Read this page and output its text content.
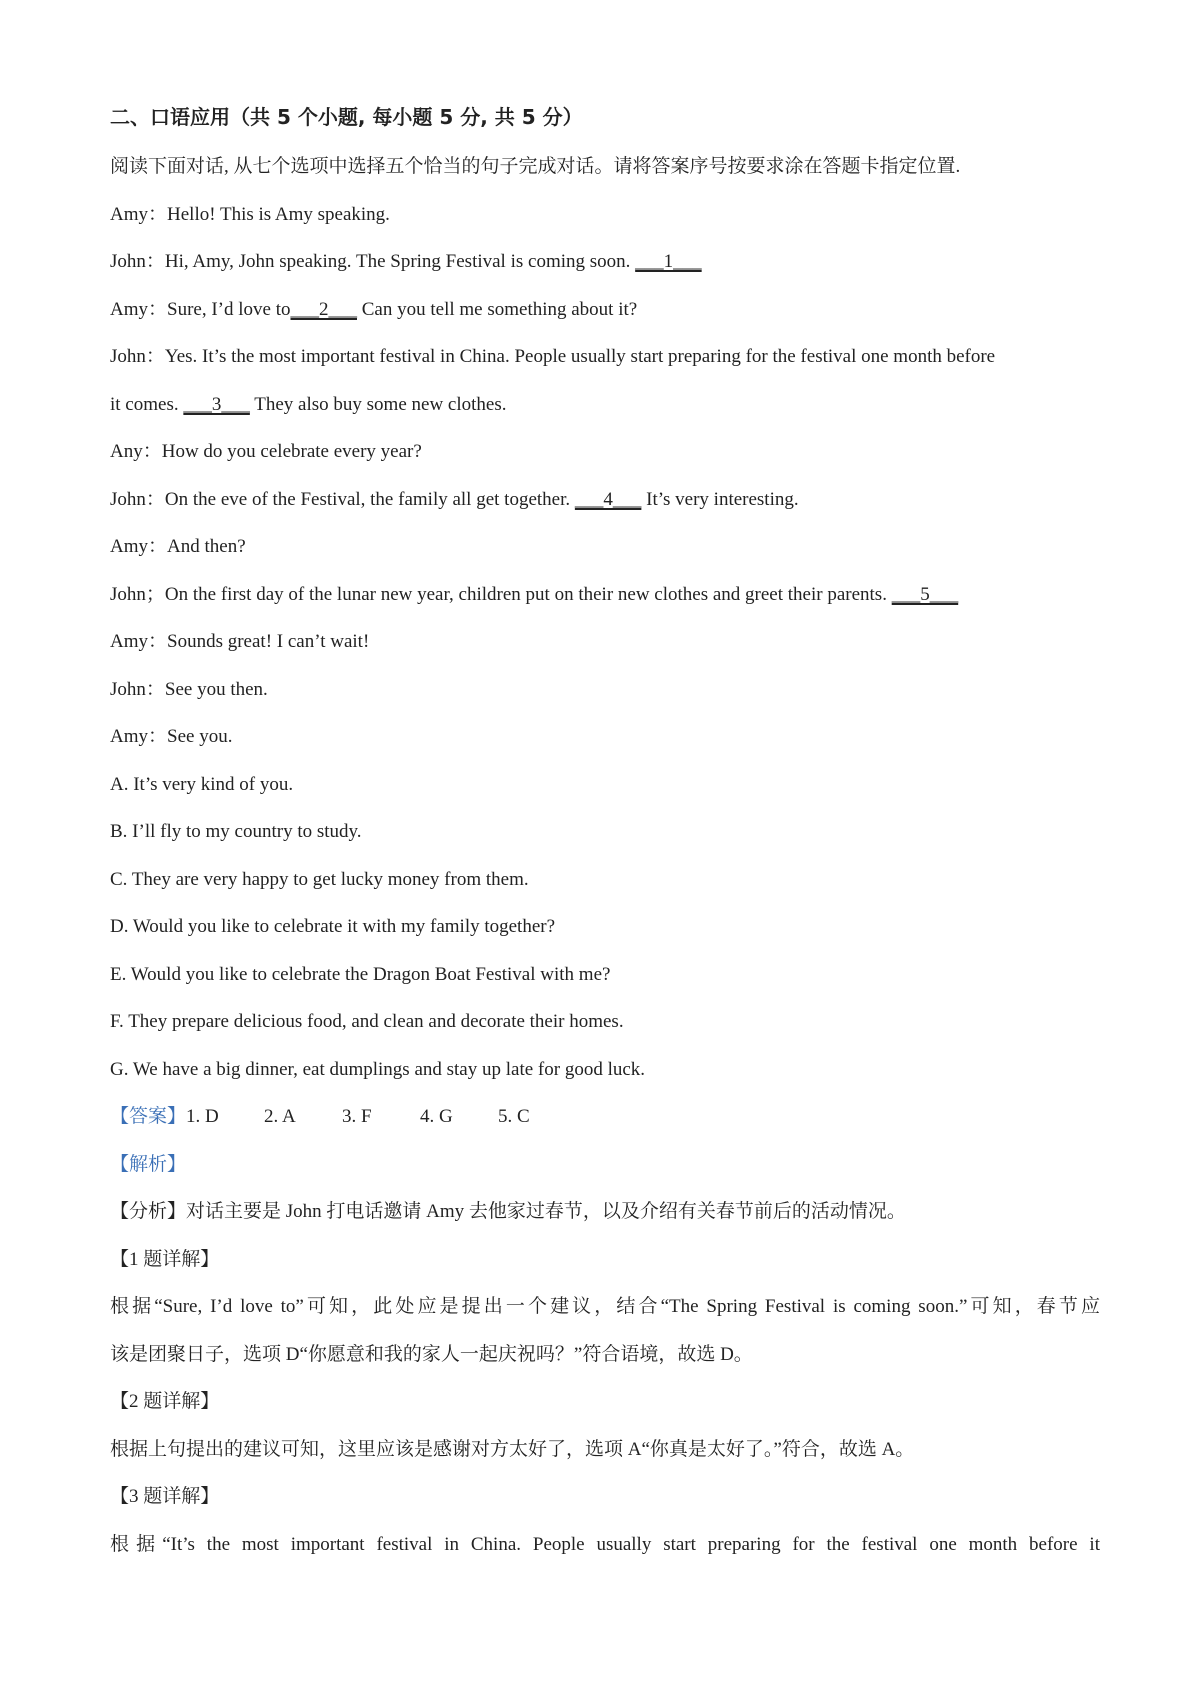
二、口语应用（共 5 个小题, 每小题 5 分, 共 5 分）
阅读下面对话, 从七个选项中选择五个恰当的句子完成对话。请将答案序号按要求涂在答题卡指定位置.
Amy：Hello! This is Amy speaking.
John：Hi, Amy, John speaking. The Spring Festival is coming soon. ___1___
Amy：Sure, I’d love to___2___ Can you tell me something about it?
John：Yes. It’s the most important festival in China. People usually start preparing for the festival one month before
it comes. ___3___ They also buy some new clothes.
Any：How do you celebrate every year?
John：On the eve of the Festival, the family all get together. ___4___ It’s very interesting.
Amy：And then?
John；On the first day of the lunar new year, children put on their new clothes and greet their parents. ___5___
Amy：Sounds great! I can’t wait!
John：See you then.
Amy：See you.
A. It’s very kind of you.
B. I’ll fly to my country to study.
C. They are very happy to get lucky money from them.
D. Would you like to celebrate it with my family together?
E. Would you like to celebrate the Dragon Boat Festival with me?
F. They prepare delicious food, and clean and decorate their homes.
G. We have a big dinner, eat dumplings and stay up late for good luck.
【答案】1. D 2. A 3. F	4. G 5. C
【解析】
【分析】对话主要是 John 打电话邀请 Amy 去他家过春节，以及介绍有关春节前后的活动情况。
【1 题详解】
根据“Sure, I’d love to”可知，此处应是提出一个建议，结合“The Spring Festival is coming soon.”可知，春节应
该是团聚日子，选项 D“你愿意和我的家人一起庆祝吗？”符合语境，故选 D。
【2 题详解】
根据上句提出的建议可知，这里应该是感谢对方太好了，选项 A“你真是太好了。”符合，故选 A。
【3 题详解】
根据“It’s the most important festival in China. People usually start preparing for the festival one month before it
